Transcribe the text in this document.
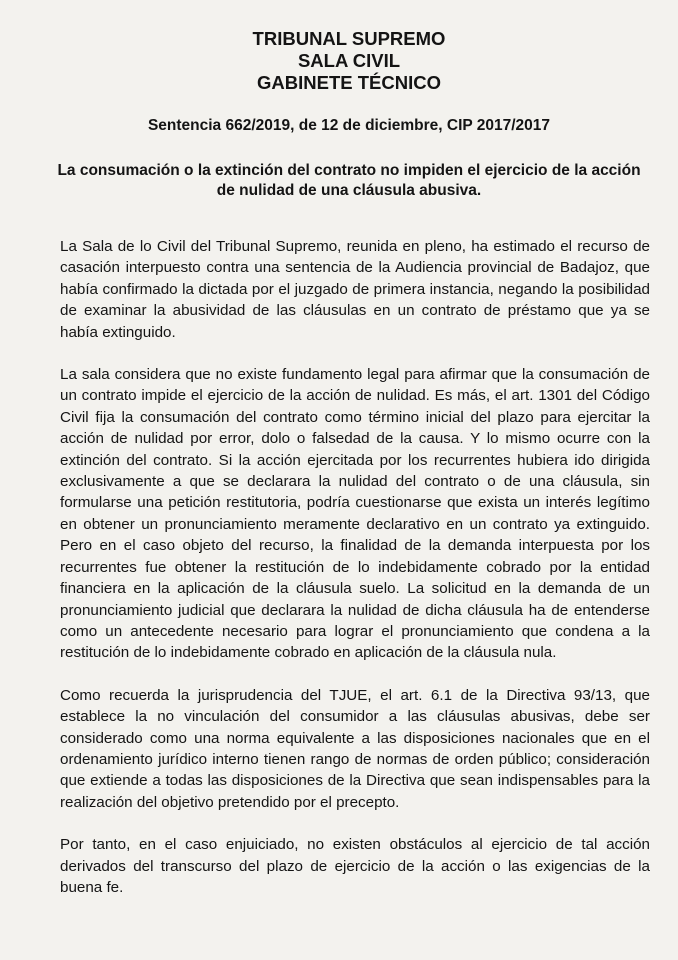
TRIBUNAL SUPREMO
SALA CIVIL
GABINETE TÉCNICO
Sentencia 662/2019, de 12 de diciembre, CIP 2017/2017
La consumación o la extinción del contrato no impiden el ejercicio de la acción de nulidad de una cláusula abusiva.

La Sala de lo Civil del Tribunal Supremo, reunida en pleno, ha estimado el recurso de casación interpuesto contra una sentencia de la Audiencia provincial de Badajoz, que había confirmado la dictada por el juzgado de primera instancia, negando la posibilidad de examinar la abusividad de las cláusulas en un contrato de préstamo que ya se había extinguido.

La sala considera que no existe fundamento legal para afirmar que la consumación de un contrato impide el ejercicio de la acción de nulidad. Es más, el art. 1301 del Código Civil fija la consumación del contrato como término inicial del plazo para ejercitar la acción de nulidad por error, dolo o falsedad de la causa. Y lo mismo ocurre con la extinción del contrato. Si la acción ejercitada por los recurrentes hubiera ido dirigida exclusivamente a que se declarara la nulidad del contrato o de una cláusula, sin formularse una petición restitutoria, podría cuestionarse que exista un interés legítimo en obtener un pronunciamiento meramente declarativo en un contrato ya extinguido. Pero en el caso objeto del recurso, la finalidad de la demanda interpuesta por los recurrentes fue obtener la restitución de lo indebidamente cobrado por la entidad financiera en la aplicación de la cláusula suelo. La solicitud en la demanda de un pronunciamiento judicial que declarara la nulidad de dicha cláusula ha de entenderse como un antecedente necesario para lograr el pronunciamiento que condena a la restitución de lo indebidamente cobrado en aplicación de la cláusula nula.

Como recuerda la jurisprudencia del TJUE, el art. 6.1 de la Directiva 93/13, que establece la no vinculación del consumidor a las cláusulas abusivas, debe ser considerado como una norma equivalente a las disposiciones nacionales que en el ordenamiento jurídico interno tienen rango de normas de orden público; consideración que extiende a todas las disposiciones de la Directiva que sean indispensables para la realización del objetivo pretendido por el precepto.

Por tanto, en el caso enjuiciado, no existen obstáculos al ejercicio de tal acción derivados del transcurso del plazo de ejercicio de la acción o las exigencias de la buena fe.
